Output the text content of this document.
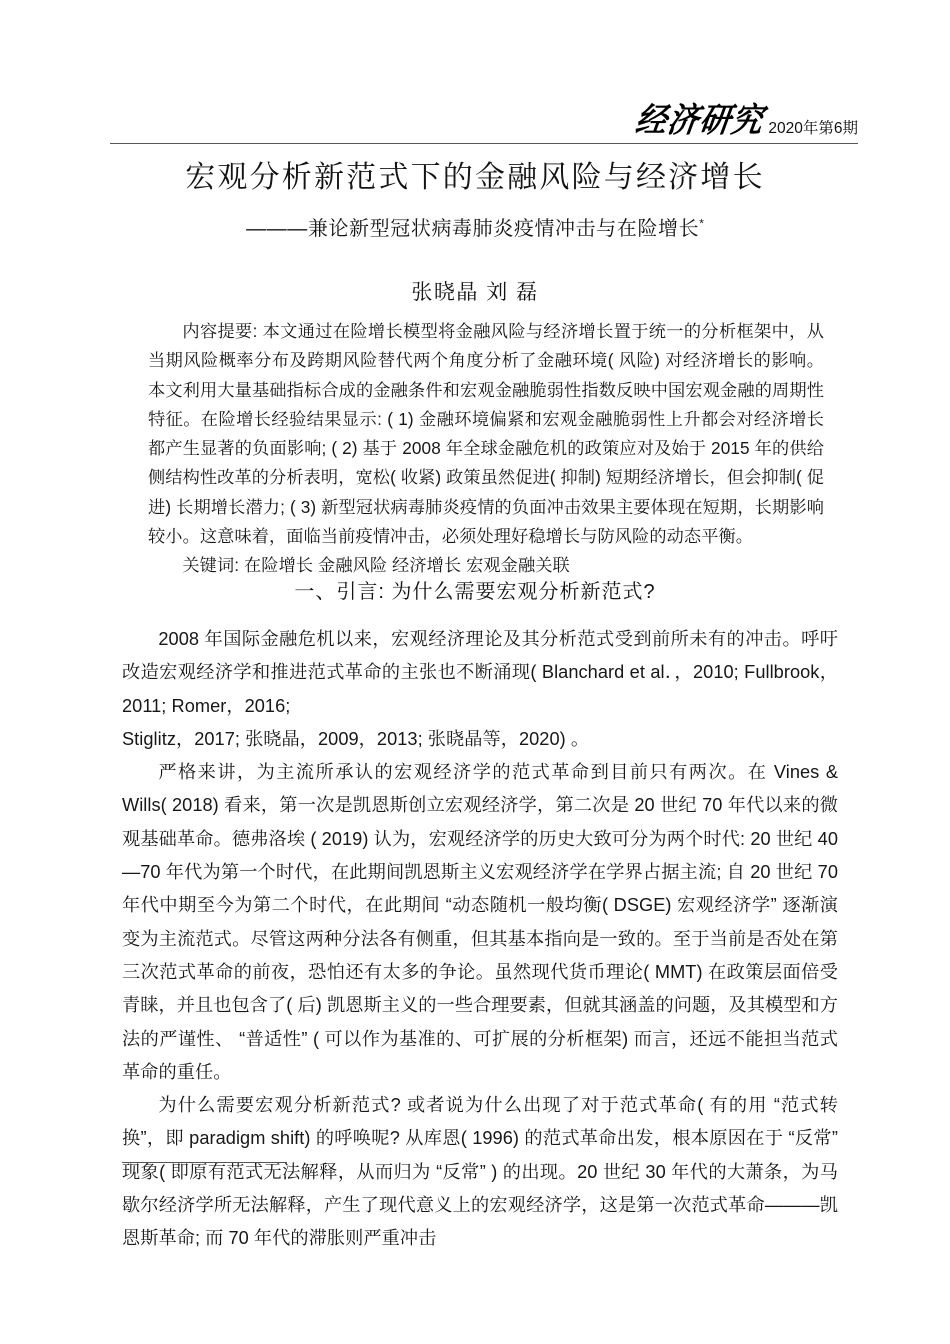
经济研究 2020年第6期
宏观分析新范式下的金融风险与经济增长
———兼论新型冠状病毒肺炎疫情冲击与在险增长*
张晓晶 刘 磊

内容提要: 本文通过在险增长模型将金融风险与经济增长置于统一的分析框架中，从当期风险概率分布及跨期风险替代两个角度分析了金融环境( 风险) 对经济增长的影响。本文利用大量基础指标合成的金融条件和宏观金融脆弱性指数反映中国宏观金融的周期性特征。在险增长经验结果显示: ( 1) 金融环境偏紧和宏观金融脆弱性上升都会对经济增长都产生显著的负面影响; ( 2) 基于 2008 年全球金融危机的政策应对及始于 2015 年的供给侧结构性改革的分析表明，宽松( 收紧) 政策虽然促进( 抑制) 短期经济增长，但会抑制( 促进) 长期增长潜力; ( 3) 新型冠状病毒肺炎疫情的负面冲击效果主要体现在短期，长期影响较小。这意味着，面临当前疫情冲击，必须处理好稳增长与防风险的动态平衡。

关键词: 在险增长 金融风险 经济增长 宏观金融关联

一、引言: 为什么需要宏观分析新范式?

2008 年国际金融危机以来，宏观经济理论及其分析范式受到前所未有的冲击。呼吁改造宏观经济学和推进范式革命的主张也不断涌现( Blanchard et al．，2010; Fullbrook，2011; Romer，2016;

Stiglitz，2017; 张晓晶，2009，2013; 张晓晶等，2020) 。

严格来讲，为主流所承认的宏观经济学的范式革命到目前只有两次。在 Vines & Wills( 2018) 看来，第一次是凯恩斯创立宏观经济学，第二次是 20 世纪 70 年代以来的微观基础革命。德弗洛埃 ( 2019) 认为，宏观经济学的历史大致可分为两个时代: 20 世纪 40—70 年代为第一个时代，在此期间凯恩斯主义宏观经济学在学界占据主流; 自 20 世纪 70 年代中期至今为第二个时代，在此期间 “动态随机一般均衡( DSGE) 宏观经济学” 逐渐演变为主流范式。尽管这两种分法各有侧重，但其基本指向是一致的。至于当前是否处在第三次范式革命的前夜，恐怕还有太多的争论。虽然现代货币理论( MMT) 在政策层面倍受青睐，并且也包含了( 后) 凯恩斯主义的一些合理要素，但就其涵盖的问题，及其模型和方法的严谨性、 “普适性” ( 可以作为基准的、可扩展的分析框架) 而言，还远不能担当范式革命的重任。

为什么需要宏观分析新范式? 或者说为什么出现了对于范式革命( 有的用 “范式转换”，即 paradigm shift) 的呼唤呢? 从库恩( 1996) 的范式革命出发，根本原因在于 “反常” 现象( 即原有范式无法解释，从而归为 “反常” ) 的出现。20 世纪 30 年代的大萧条，为马歇尔经济学所无法解释，产生了现代意义上的宏观经济学，这是第一次范式革命———凯恩斯革命; 而 70 年代的滞胀则严重冲击
